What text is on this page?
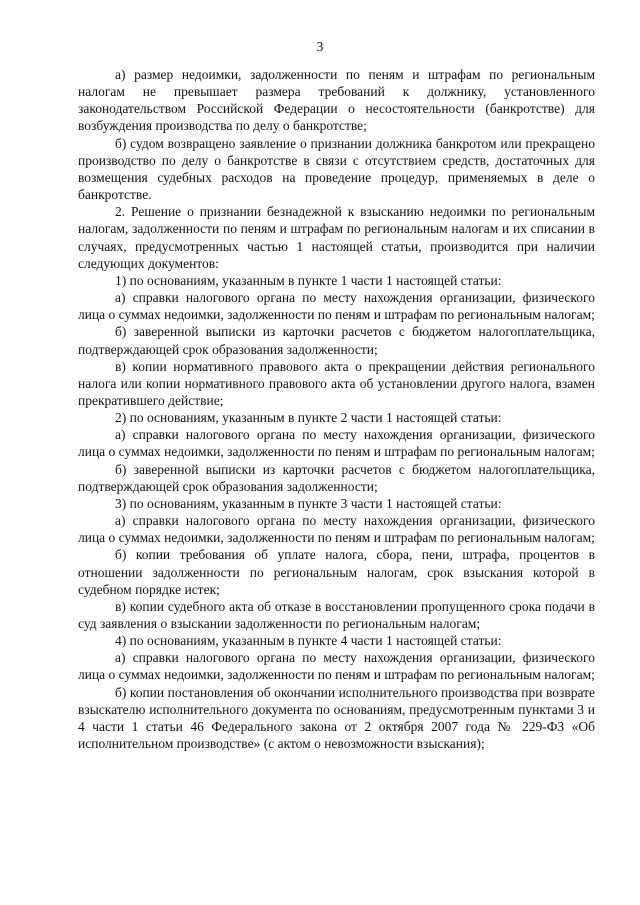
3

а) размер недоимки, задолженности по пеням и штрафам по региональным налогам не превышает размера требований к должнику, установленного законодательством Российской Федерации о несостоятельности (банкротстве) для возбуждения производства по делу о банкротстве;

б) судом возвращено заявление о признании должника банкротом или прекращено производство по делу о банкротстве в связи с отсутствием средств, достаточных для возмещения судебных расходов на проведение процедур, применяемых в деле о банкротстве.

2. Решение о признании безнадежной к взысканию недоимки по региональным налогам, задолженности по пеням и штрафам по региональным налогам и их списании в случаях, предусмотренных частью 1 настоящей статьи, производится при наличии следующих документов:

1) по основаниям, указанным в пункте 1 части 1 настоящей статьи:

а) справки налогового органа по месту нахождения организации, физического лица о суммах недоимки, задолженности по пеням и штрафам по региональным налогам;

б) заверенной выписки из карточки расчетов с бюджетом налогоплательщика, подтверждающей срок образования задолженности;

в) копии нормативного правового акта о прекращении действия регионального налога или копии нормативного правового акта об установлении другого налога, взамен прекратившего действие;

2) по основаниям, указанным в пункте 2 части 1 настоящей статьи:

а) справки налогового органа по месту нахождения организации, физического лица о суммах недоимки, задолженности по пеням и штрафам по региональным налогам;

б) заверенной выписки из карточки расчетов с бюджетом налогоплательщика, подтверждающей срок образования задолженности;

3) по основаниям, указанным в пункте 3 части 1 настоящей статьи:

а) справки налогового органа по месту нахождения организации, физического лица о суммах недоимки, задолженности по пеням и штрафам по региональным налогам;

б) копии требования об уплате налога, сбора, пени, штрафа, процентов в отношении задолженности по региональным налогам, срок взыскания которой в судебном порядке истек;

в) копии судебного акта об отказе в восстановлении пропущенного срока подачи в суд заявления о взыскании задолженности по региональным налогам;

4) по основаниям, указанным в пункте 4 части 1 настоящей статьи:

а) справки налогового органа по месту нахождения организации, физического лица о суммах недоимки, задолженности по пеням и штрафам по региональным налогам;

б) копии постановления об окончании исполнительного производства при возврате взыскателю исполнительного документа по основаниям, предусмотренным пунктами 3 и 4 части 1 статьи 46 Федерального закона от 2 октября 2007 года № 229-ФЗ «Об исполнительном производстве» (с актом о невозможности взыскания);
